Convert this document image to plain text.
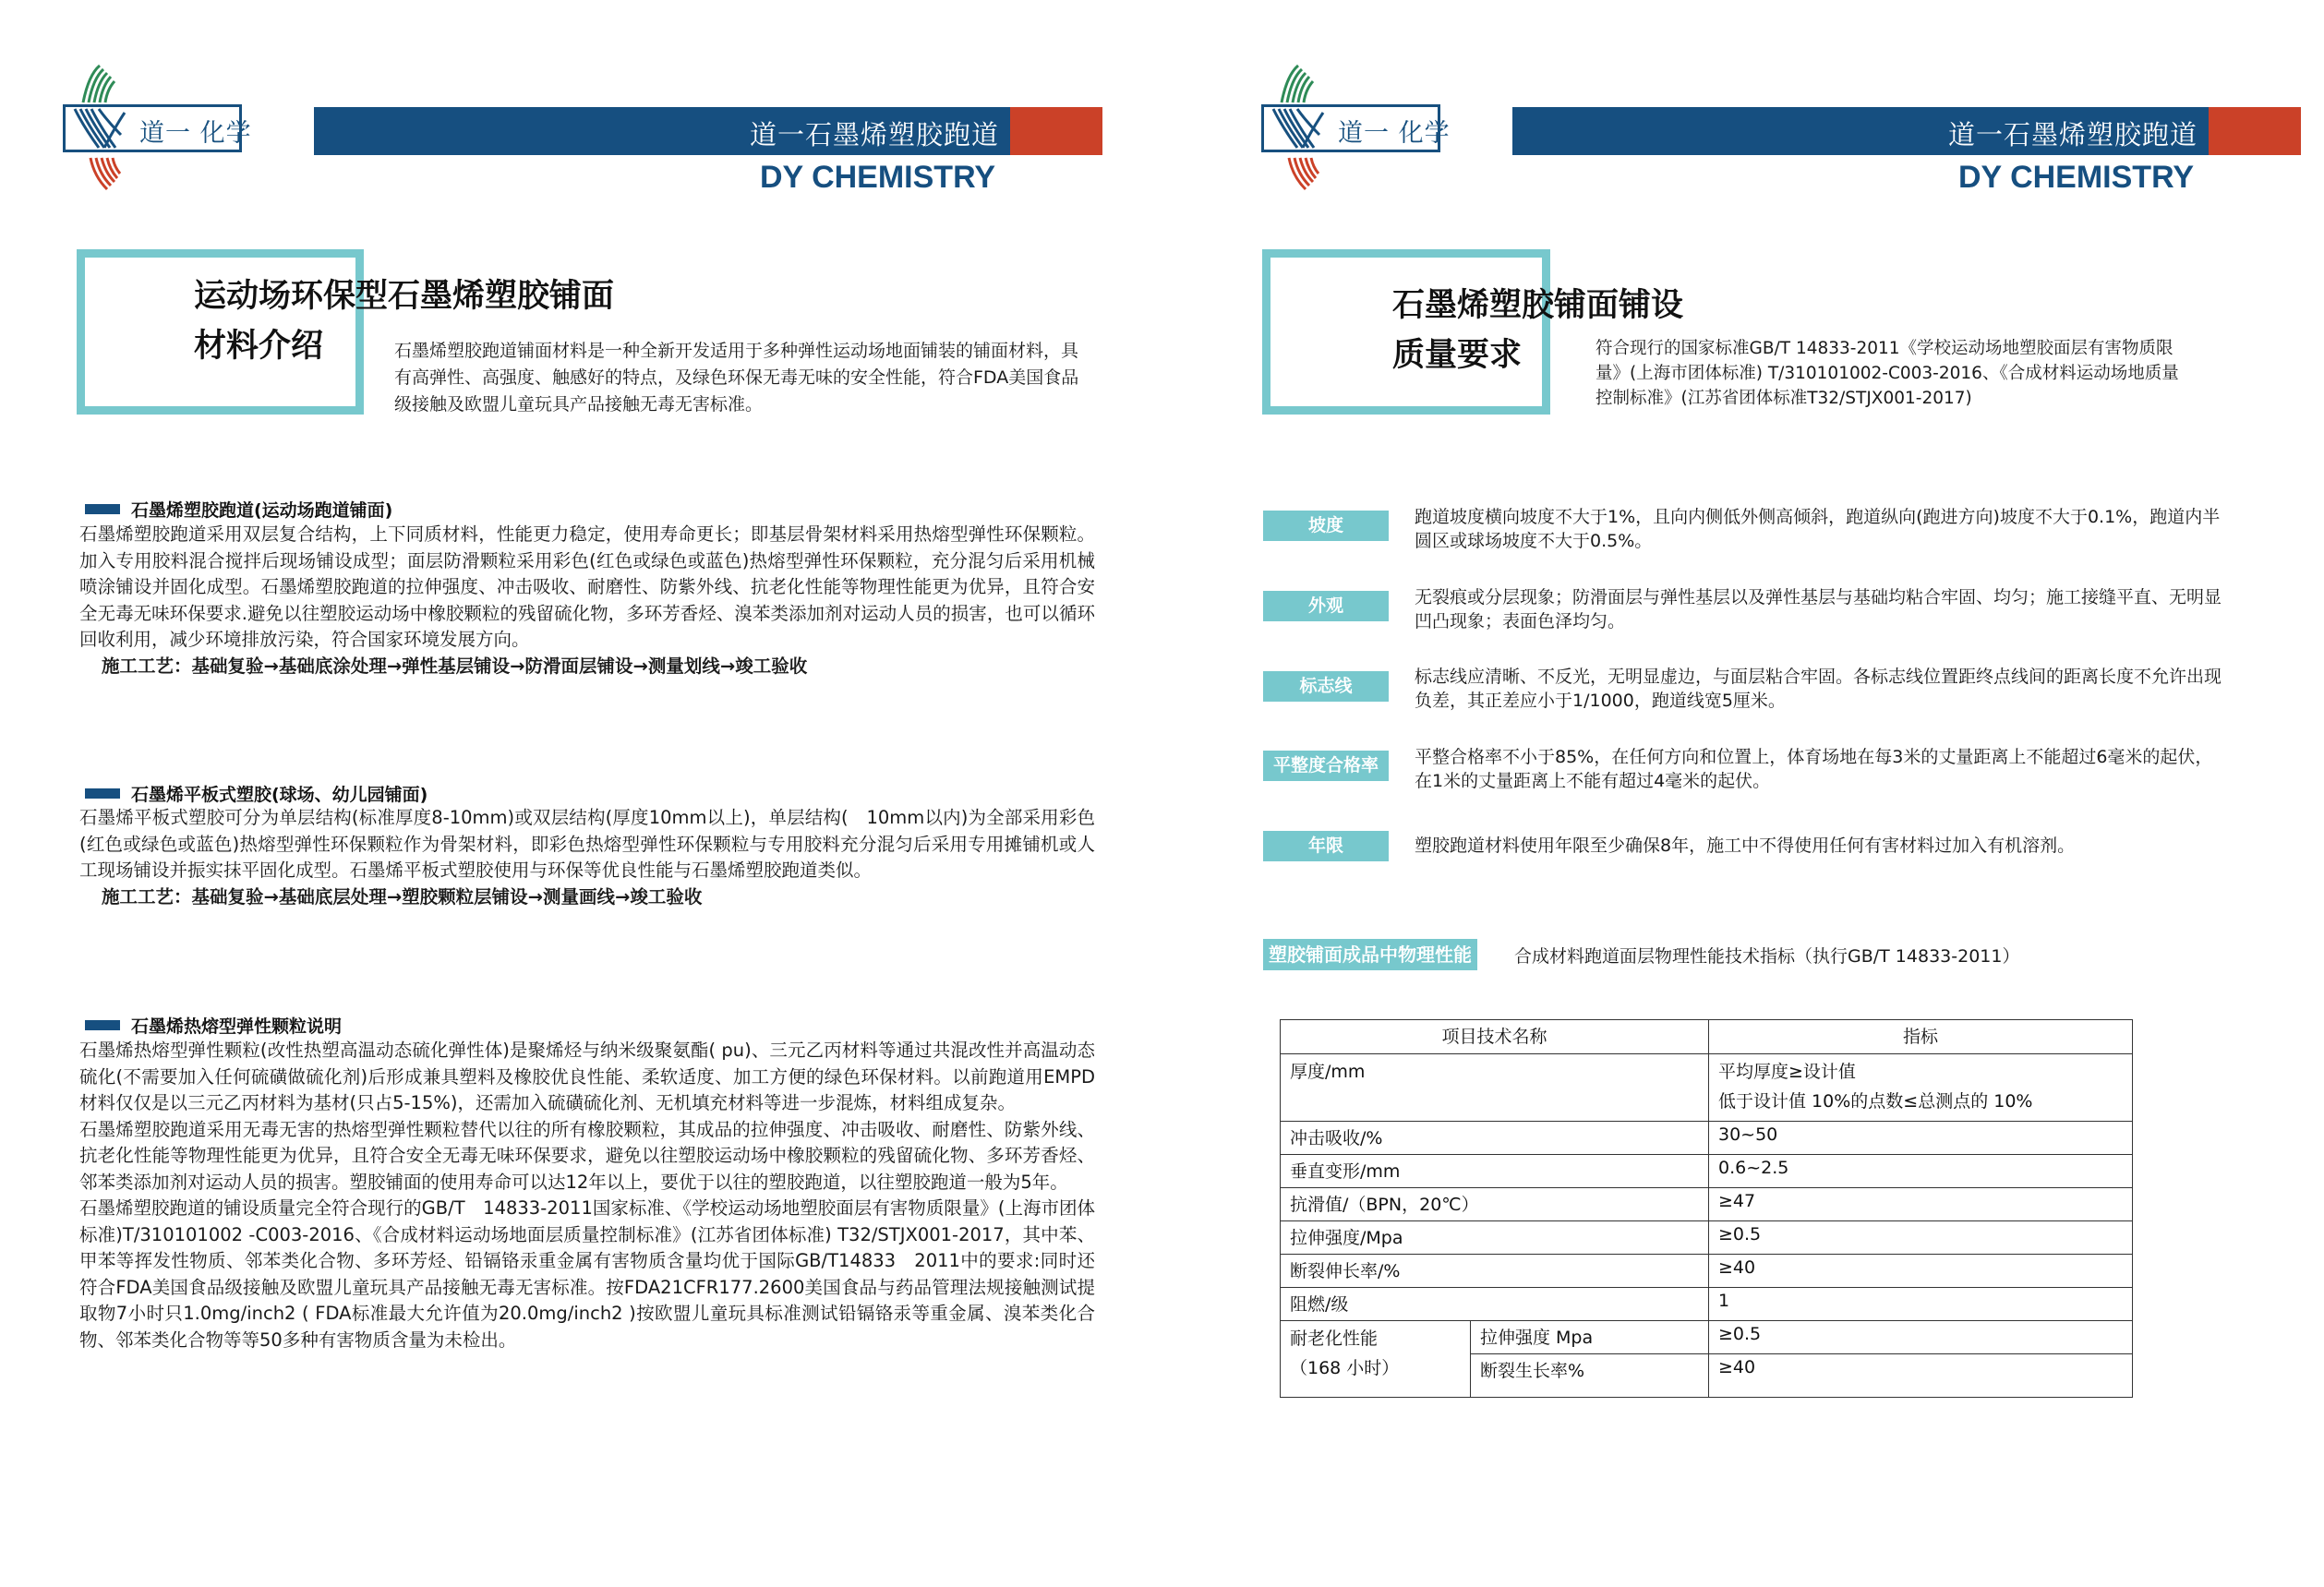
道一 化学	道一石墨烯塑胶跑道
DY CHEMISTRY
运动场环保型石墨烯塑胶铺面
材料介绍	石墨烯塑胶跑道铺面材料是一种全新开发适用于多种弹性运动场地面铺装的铺面材料，具有高弹性、高强度、触感好的特点，及绿色环保无毒无味的安全性能，符合FDA美国食品级接触及欧盟儿童玩具产品接触无毒无害标准。
石墨烯塑胶跑道(运动场跑道铺面)

石墨烯塑胶跑道采用双层复合结构，上下同质材料，性能更力稳定，使用寿命更长；即基层骨架材料采用热熔型弹性环保颗粒。加入专用胶料混合搅拌后现场铺设成型；面层防滑颗粒采用彩色(红色或绿色或蓝色)热熔型弹性环保颗粒，充分混匀后采用机械喷涂铺设并固化成型。石墨烯塑胶跑道的拉伸强度、冲击吸收、耐磨性、防紫外线、抗老化性能等物理性能更为优异，且符合安全无毒无味环保要求.避免以往塑胶运动场中橡胶颗粒的残留硫化物，多环芳香烃、溴苯类添加剂对运动人员的损害，也可以循环回收利用，减少环境排放污染，符合国家环境发展方向。

施工工艺：基础复验→基础底涂处理→弹性基层铺设→防滑面层铺设→测量划线→竣工验收

石墨烯平板式塑胶(球场、幼儿园铺面)

石墨烯平板式塑胶可分为单层结构(标准厚度8-10mm)或双层结构(厚度10mm以上)，单层结构(　10mm以内)为全部采用彩色(红色或绿色或蓝色)热熔型弹性环保颗粒作为骨架材料，即彩色热熔型弹性环保颗粒与专用胶料充分混匀后采用专用摊铺机或人工现场铺设并振实抹平固化成型。石墨烯平板式塑胶使用与环保等优良性能与石墨烯塑胶跑道类似。

施工工艺：基础复验→基础底层处理→塑胶颗粒层铺设→测量画线→竣工验收

石墨烯热熔型弹性颗粒说明

石墨烯热熔型弹性颗粒(改性热塑高温动态硫化弹性体)是聚烯烃与纳米级聚氨酯( pu)、三元乙丙材料等通过共混改性并高温动态硫化(不需要加入任何硫磺做硫化剂)后形成兼具塑料及橡胶优良性能、柔软适度、加工方便的绿色环保材料。以前跑道用EMPD材料仅仅是以三元乙丙材料为基材(只占5-15%)，还需加入硫磺硫化剂、无机填充材料等进一步混炼，材料组成复杂。

石墨烯塑胶跑道采用无毒无害的热熔型弹性颗粒替代以往的所有橡胶颗粒，其成品的拉伸强度、冲击吸收、耐磨性、防紫外线、抗老化性能等物理性能更为优异，且符合安全无毒无味环保要求，避免以往塑胶运动场中橡胶颗粒的残留硫化物、多环芳香烃、邻苯类添加剂对运动人员的损害。塑胶铺面的使用寿命可以达12年以上，要优于以往的塑胶跑道，以往塑胶跑道一般为5年。

石墨烯塑胶跑道的铺设质量完全符合现行的GB/T　14833-2011国家标准、《学校运动场地塑胶面层有害物质限量》(上海市团体标准)T/310101002 -C003-2016、《合成材料运动场地面层质量控制标准》(江苏省团体标准) T32/STJX001-2017，其中苯、甲苯等挥发性物质、邻苯类化合物、多环芳烃、铅镉铬汞重金属有害物质含量均优于国际GB/T14833　2011中的要求:同时还符合FDA美国食品级接触及欧盟儿童玩具产品接触无毒无害标准。按FDA21CFR177.2600美国食品与药品管理法规接触测试提取物7小时只1.0mg/inch2 ( FDA标准最大允许值为20.0mg/inch2 )按欧盟儿童玩具标准测试铅镉铬汞等重金属、溴苯类化合物、邻苯类化合物等等50多种有害物质含量为未检出。

道一 化学	道一石墨烯塑胶跑道
DY CHEMISTRY
石墨烯塑胶铺面铺设
质量要求	符合现行的国家标准GB/T 14833-2011《学校运动场地塑胶面层有害物质限量》(上海市团体标准) T/310101002-C003-2016、《合成材料运动场地质量控制标准》(江苏省团体标准T32/STJX001-2017)
坡度	跑道坡度横向坡度不大于1%，且向内侧低外侧高倾斜，跑道纵向(跑进方向)坡度不大于0.1%，跑道内半圆区或球场坡度不大于0.5%。
外观	无裂痕或分层现象；防滑面层与弹性基层以及弹性基层与基础均粘合牢固、均匀；施工接缝平直、无明显凹凸现象；表面色泽均匀。
标志线	标志线应清晰、不反光，无明显虚边，与面层粘合牢固。各标志线位置距终点线间的距离长度不允许出现负差，其正差应小于1/1000，跑道线宽5厘米。
平整度合格率	平整合格率不小于85%，在任何方向和位置上，体育场地在每3米的丈量距离上不能超过6毫米的起伏，在1米的丈量距离上不能有超过4毫米的起伏。
年限	塑胶跑道材料使用年限至少确保8年，施工中不得使用任何有害材料过加入有机溶剂。
塑胶铺面成品中物理性能	合成材料跑道面层物理性能技术指标（执行GB/T 14833-2011）
项目技术名称		指标
厚度/mm		平均厚度≥设计值
低于设计值 10%的点数≤总测点的 10%

冲击吸收/%		30~50
垂直变形/mm		0.6~2.5
抗滑值/（BPN，20℃）		≥47
拉伸强度/Mpa		≥0.5
断裂伸长率/%		≥40
阻燃/级		1

耐老化性能
（168 小时）	拉伸强度 Mpa	≥0.5
	断裂生长率%	≥40
